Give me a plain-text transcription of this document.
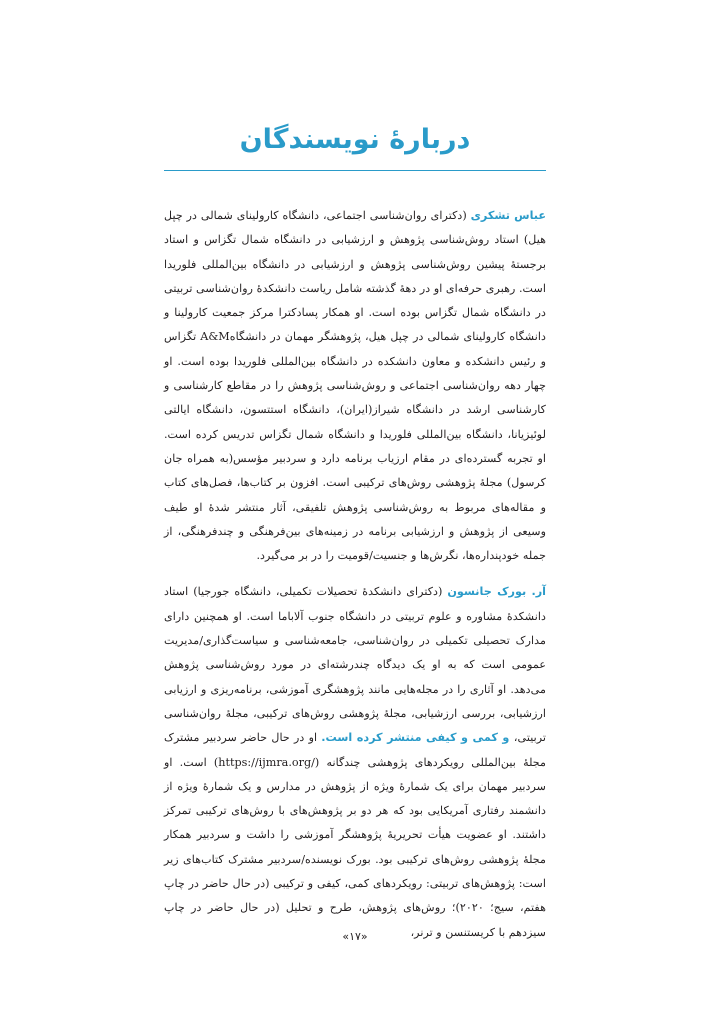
دربارهٔ نویسندگان

عباس تشکری (دکترای روان‌شناسی اجتماعی، دانشگاه کارولینای شمالی در چپل هیل) استاد روش‌شناسی پژوهش و ارزشیابی در دانشگاه شمال تگزاس و استاد برجستهٔ پیشین روش‌شناسی پژوهش و ارزشیابی در دانشگاه بین‌المللی فلوریدا است. رهبری حرفه‌ای او در دههٔ گذشته شامل ریاست دانشکدهٔ روان‌شناسی تربیتی در دانشگاه شمال تگزاس بوده است. او همکار پسادکترا مرکز جمعیت کارولینا و دانشگاه کارولینای شمالی در چپل هیل، پژوهشگر مهمان در دانشگاهA&M تگزاس و رئیس دانشکده و معاون دانشکده در دانشگاه بین‌المللی فلوریدا بوده است. او چهار دهه روان‌شناسی اجتماعی و روش‌شناسی پژوهش را در مقاطع کارشناسی و کارشناسی ارشد در دانشگاه شیراز(ایران)، دانشگاه استتسون، دانشگاه ایالتی لوئیزیانا، دانشگاه بین‌المللی فلوریدا و دانشگاه شمال تگزاس تدریس کرده است. او تجربه گسترده‌ای در مقام ارزیاب برنامه دارد و سردبیر مؤسس(به همراه جان کرسول) مجلهٔ پژوهشی روش‌های ترکیبی است. افزون بر کتاب‌ها، فصل‌های کتاب و مقاله‌های مربوط به روش‌شناسی پژوهش تلفیقی، آثار منتشر شدهٔ او طیف وسیعی از پژوهش و ارزشیابی برنامه در زمینه‌های بین‌فرهنگی و چندفرهنگی، از جمله خودپنداره‌ها، نگرش‌ها و جنسیت/قومیت را در بر می‌گیرد.

آر. بورک جانسون (دکترای دانشکدهٔ تحصیلات تکمیلی، دانشگاه جورجیا) استاد دانشکدهٔ مشاوره و علوم تربیتی در دانشگاه جنوب آلاباما است. او همچنین دارای مدارک تحصیلی تکمیلی در روان‌شناسی، جامعه‌شناسی و سیاست‌گذاری/مدیریت عمومی است که به او یک دیدگاه چندرشته‌ای در مورد روش‌شناسی پژوهش می‌دهد. او آثاری را در مجله‌هایی مانند پژوهشگری آموزشی، برنامه‌ریزی و ارزیابی ارزشیابی، بررسی ارزشیابی، مجلهٔ پژوهشی روش‌های ترکیبی، مجلهٔ روان‌شناسی تربیتی، و کمی و کیفی منتشر کرده است. او در حال حاضر سردبیر مشترک مجلهٔ بین‌المللی رویکردهای پژوهشی چندگانه (https://ijmra.org/) است. او سردبیر مهمان برای یک شمارهٔ ویژه از پژوهش در مدارس و یک شمارهٔ ویژه از دانشمند رفتاری آمریکایی بود که هر دو بر پژوهش‌های با روش‌های ترکیبی تمرکز داشتند. او عضویت هیأت تحریریهٔ پژوهشگر آموزشی را داشت و سردبیر همکار مجلهٔ پژوهشی روش‌های ترکیبی بود. بورک نویسنده/سردبیر مشترک کتاب‌های زیر است: پژوهش‌های تربیتی: رویکردهای کمی، کیفی و ترکیبی (در حال حاضر در چاپ هفتم، سیج؛ ۲۰۲۰)؛ روش‌های پژوهش، طرح و تحلیل (در حال حاضر در چاپ سیزدهم با کریستنسن و ترنر،

«۱۷»
